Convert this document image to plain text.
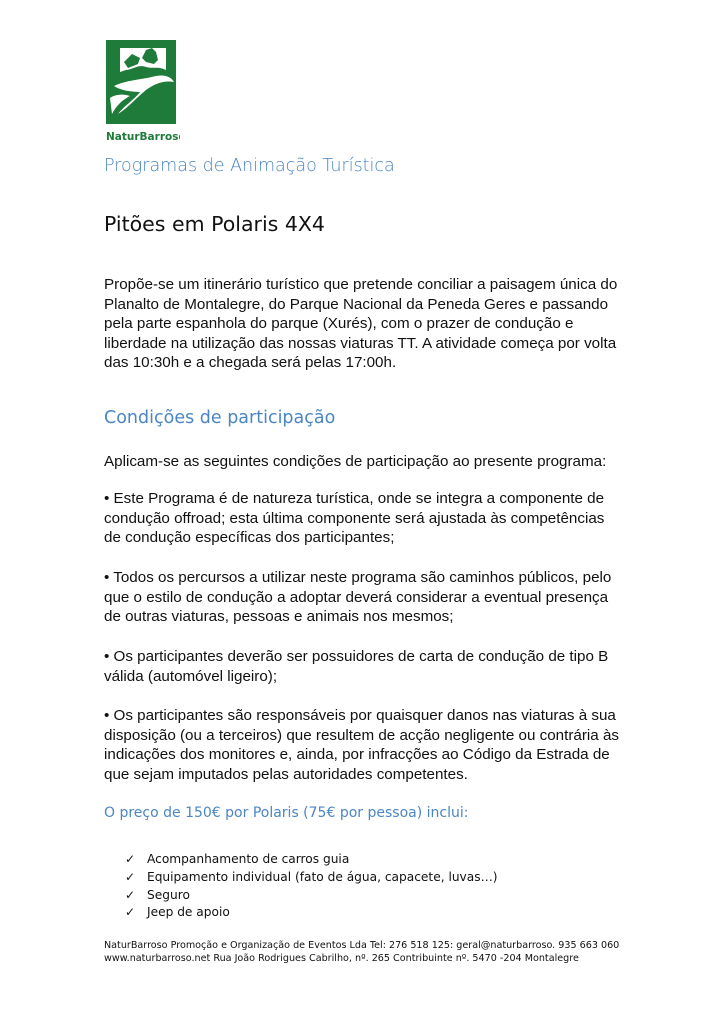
NaturBarroso
Programas de Animação Turística
Pitões em Polaris 4X4
Propõe-se um itinerário turístico que pretende conciliar a paisagem única do Planalto de Montalegre, do Parque Nacional da Peneda Geres e passando pela parte espanhola do parque (Xurés), com o prazer de condução e liberdade na utilização das nossas viaturas TT. A atividade começa por volta das 10:30h e a chegada será pelas 17:00h.
Condições de participação
Aplicam-se as seguintes condições de participação ao presente programa:
• Este Programa é de natureza turística, onde se integra a componente de condução offroad; esta última componente será ajustada às competências de condução específicas dos participantes;
• Todos os percursos a utilizar neste programa são caminhos públicos, pelo que o estilo de condução a adoptar deverá considerar a eventual presença de outras viaturas, pessoas e animais nos mesmos;
• Os participantes deverão ser possuidores de carta de condução de tipo B válida (automóvel ligeiro);
• Os participantes são responsáveis por quaisquer danos nas viaturas à sua disposição (ou a terceiros) que resultem de acção negligente ou contrária às indicações dos monitores e, ainda, por infracções ao Código da Estrada de que sejam imputados pelas autoridades competentes.
O preço de 150€ por Polaris (75€ por pessoa) inclui:
✓ Acompanhamento de carros guia
✓ Equipamento individual (fato de água, capacete, luvas…)
✓ Seguro
✓ Jeep de apoio
NaturBarroso Promoção e Organização de Eventos Lda Tel: 276 518 125: geral@naturbarroso. 935 663 060
www.naturbarroso.net Rua João Rodrigues Cabrilho, nº. 265 Contribuinte nº. 5470 -204 Montalegre
